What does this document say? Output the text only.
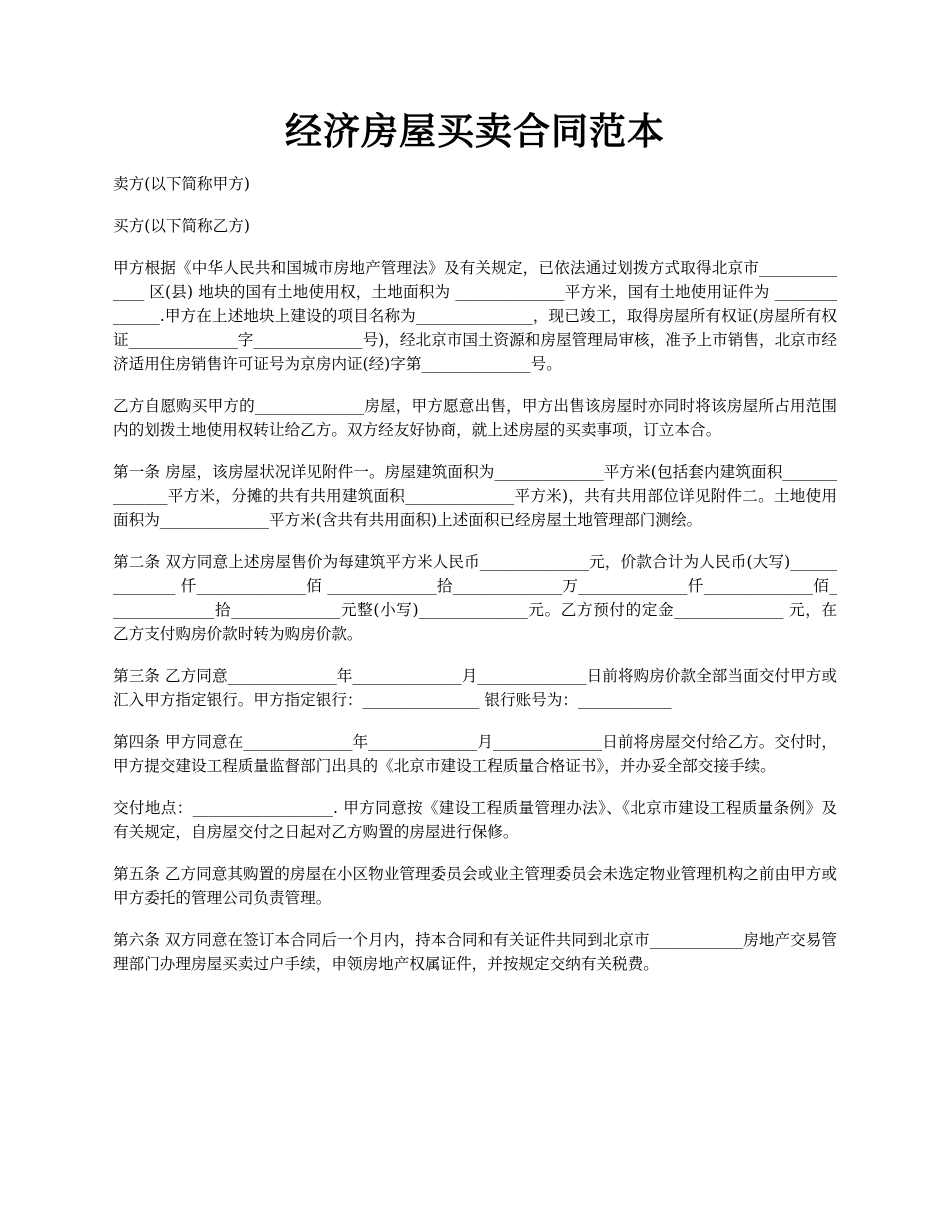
经济房屋买卖合同范本

卖方(以下简称甲方)

买方(以下简称乙方)

甲方根据《中华人民共和国城市房地产管理法》及有关规定，已依法通过划拨方式取得北京市______________ 区(县) 地块的国有土地使用权，土地面积为 ______________平方米，国有土地使用证件为 ______________.甲方在上述地块上建设的项目名称为_______________，现已竣工，取得房屋所有权证(房屋所有权证______________字______________号)，经北京市国土资源和房屋管理局审核，准予上市销售，北京市经济适用住房销售许可证号为京房内证(经)字第______________号。

乙方自愿购买甲方的______________房屋，甲方愿意出售，甲方出售该房屋时亦同时将该房屋所占用范围内的划拨土地使用权转让给乙方。双方经友好协商，就上述房屋的买卖事项，订立本合。

第一条 房屋，该房屋状况详见附件一。房屋建筑面积为______________平方米(包括套内建筑面积______________平方米，分摊的共有共用建筑面积______________平方米)，共有共用部位详见附件二。土地使用面积为______________平方米(含共有共用面积)上述面积已经房屋土地管理部门测绘。

第二条 双方同意上述房屋售价为每建筑平方米人民币______________元，价款合计为人民币(大写)______________ 仟______________佰 ______________拾______________万______________仟______________佰______________拾______________元整(小写)______________元。乙方预付的定金______________ 元，在乙方支付购房价款时转为购房价款。

第三条 乙方同意______________年______________月______________日前将购房价款全部当面交付甲方或汇入甲方指定银行。甲方指定银行：_______________ 银行账号为：____________

第四条 甲方同意在______________年______________月______________日前将房屋交付给乙方。交付时，甲方提交建设工程质量监督部门出具的《北京市建设工程质量合格证书》，并办妥全部交接手续。

交付地点：__________________. 甲方同意按《建设工程质量管理办法》、《北京市建设工程质量条例》及有关规定，自房屋交付之日起对乙方购置的房屋进行保修。

第五条 乙方同意其购置的房屋在小区物业管理委员会或业主管理委员会未选定物业管理机构之前由甲方或甲方委托的管理公司负责管理。

第六条 双方同意在签订本合同后一个月内，持本合同和有关证件共同到北京市____________房地产交易管理部门办理房屋买卖过户手续，申领房地产权属证件，并按规定交纳有关税费。
